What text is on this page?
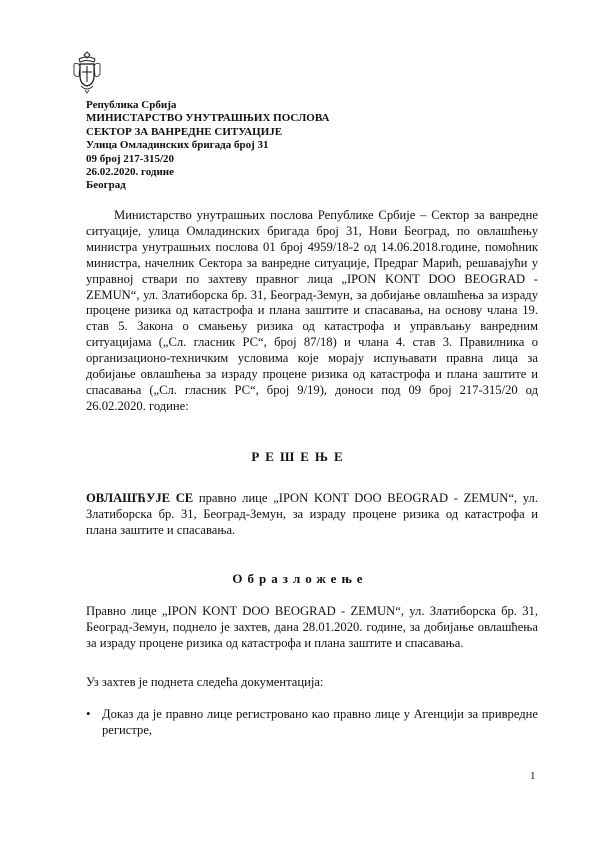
Република Србија
МИНИСТАРСТВО УНУТРАШЊИХ ПОСЛОВА
СЕКТОР ЗА ВАНРЕДНЕ СИТУАЦИЈЕ
Улица Омладинских бригада број 31
09 број 217-315/20
26.02.2020. године
Београд
Министарство унутрашњих послова Републике Србије – Сектор за ванредне ситуације, улица Омладинских бригада број 31, Нови Београд, по овлашћењу министра унутрашњих послова 01 број 4959/18-2 од 14.06.2018.године, помоћник министра, начелник Сектора за ванредне ситуације, Предраг Марић, решавајући у управној ствари по захтеву правног лица „IPON KONT DOO BEOGRAD - ZEMUN“, ул. Златиборска бр. 31, Београд-Земун, за добијање овлашћења за израду процене ризика од катастрофа и плана заштите и спасавања, на основу члана 19. став 5. Закона о смањењу ризика од катастрофа и управљању ванредним ситуацијама („Сл. гласник РС“, број 87/18) и члана 4. став 3. Правилника о организационо-техничким условима које морају испуњавати правна лица за добијање овлашћења за израду процене ризика од катастрофа и плана заштите и спасавања („Сл. гласник РС“, број 9/19), доноси под 09 број 217-315/20 од 26.02.2020. године:
РЕШЕЊЕ
ОВЛАШЋУЈЕ СЕ правно лице „IPON KONT DOO BEOGRAD - ZEMUN“, ул. Златиборска бр. 31, Београд-Земун, за израду процене ризика од катастрофа и плана заштите и спасавања.
Образложење
Правно лице „IPON KONT DOO BEOGRAD - ZEMUN“, ул. Златиборска бр. 31, Београд-Земун, поднело је захтев, дана 28.01.2020. године, за добијање овлашћења за израду процене ризика од катастрофа и плана заштите и спасавања.
Уз захтев је поднета следећа документација:
• Доказ да је правно лице регистровано као правно лице у Агенцији за привредне регистре,
1
